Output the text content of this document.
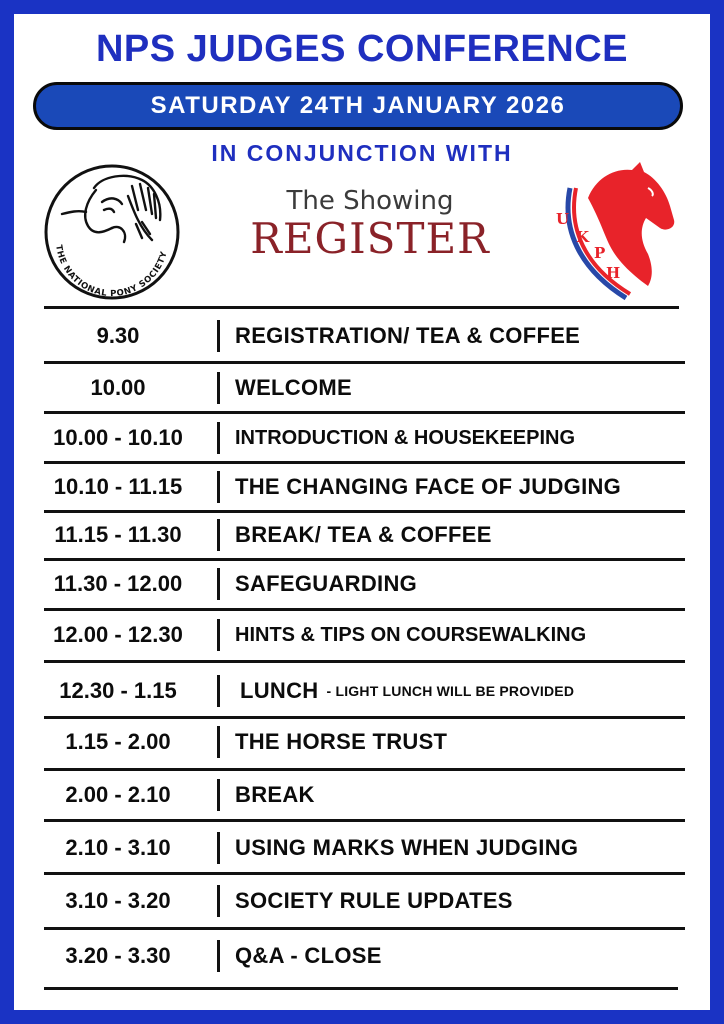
NPS JUDGES CONFERENCE
SATURDAY 24TH JANUARY 2026
IN CONJUNCTION WITH
THE NATIONAL PONY SOCIETY
The Showing
REGISTER	U
K
P
H
9.30	REGISTRATION/ TEA & COFFEE
10.00	WELCOME
10.00 - 10.10	INTRODUCTION & HOUSEKEEPING
10.10 - 11.15	THE CHANGING FACE OF JUDGING
11.15 - 11.30	BREAK/ TEA & COFFEE
11.30 - 12.00	SAFEGUARDING
12.00 - 12.30	HINTS & TIPS ON COURSEWALKING
12.30 - 1.15	LUNCH - LIGHT LUNCH WILL BE PROVIDED
1.15 - 2.00	THE HORSE TRUST
2.00 - 2.10	BREAK
2.10 - 3.10	USING MARKS WHEN JUDGING
3.10 - 3.20	SOCIETY RULE UPDATES
3.20 - 3.30	Q&A - CLOSE
